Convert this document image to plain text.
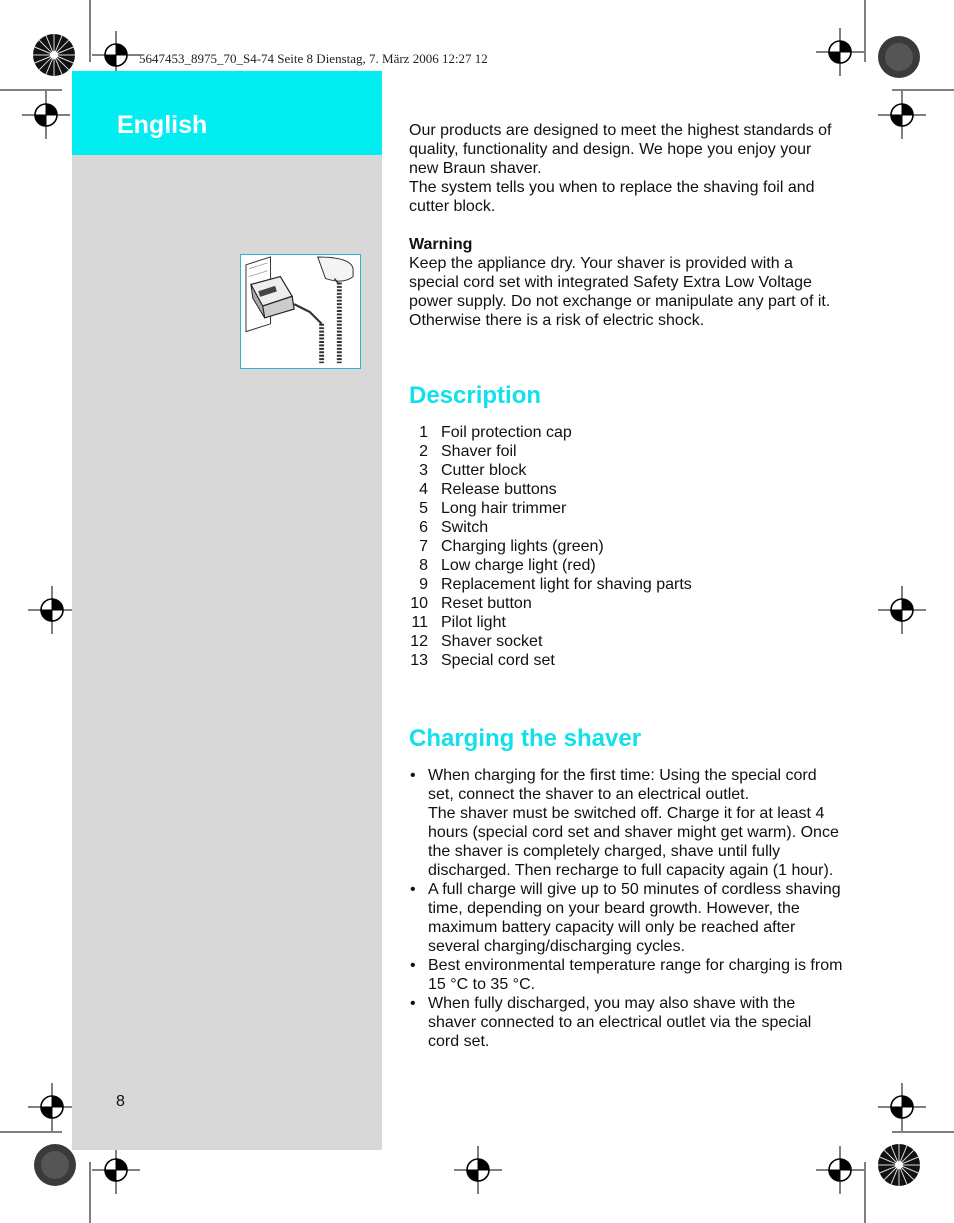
5647453_8975_70_S4-74 Seite 8 Dienstag, 7. März 2006 12:27 12
English
8

Our products are designed to meet the highest standards of quality, functionality and design. We hope you enjoy your new Braun shaver.

The system tells you when to replace the shaving foil and cutter block.

Warning

Keep the appliance dry. Your shaver is provided with a special cord set with integrated Safety Extra Low Voltage power supply. Do not exchange or manipulate any part of it. Otherwise there is a risk of electric shock.

Description
1 Foil protection cap
2 Shaver foil
3 Cutter block
4 Release buttons
5 Long hair trimmer
6 Switch
7 Charging lights (green)
8 Low charge light (red)
9 Replacement light for shaving parts
10 Reset button
11 Pilot light
12 Shaver socket
13 Special cord set
Charging the shaver
• When charging for the first time: Using the special cord set, connect the shaver to an electrical outlet.
The shaver must be switched off. Charge it for at least 4 hours (special cord set and shaver might get warm). Once the shaver is completely charged, shave until fully discharged. Then recharge to full capacity again (1 hour).
• A full charge will give up to 50 minutes of cordless shaving time, depending on your beard growth. However, the maximum battery capacity will only be reached after several charging/discharging cycles.
• Best environmental temperature range for charging is from 15 °C to 35 °C.
• When fully discharged, you may also shave with the shaver connected to an electrical outlet via the special cord set.
